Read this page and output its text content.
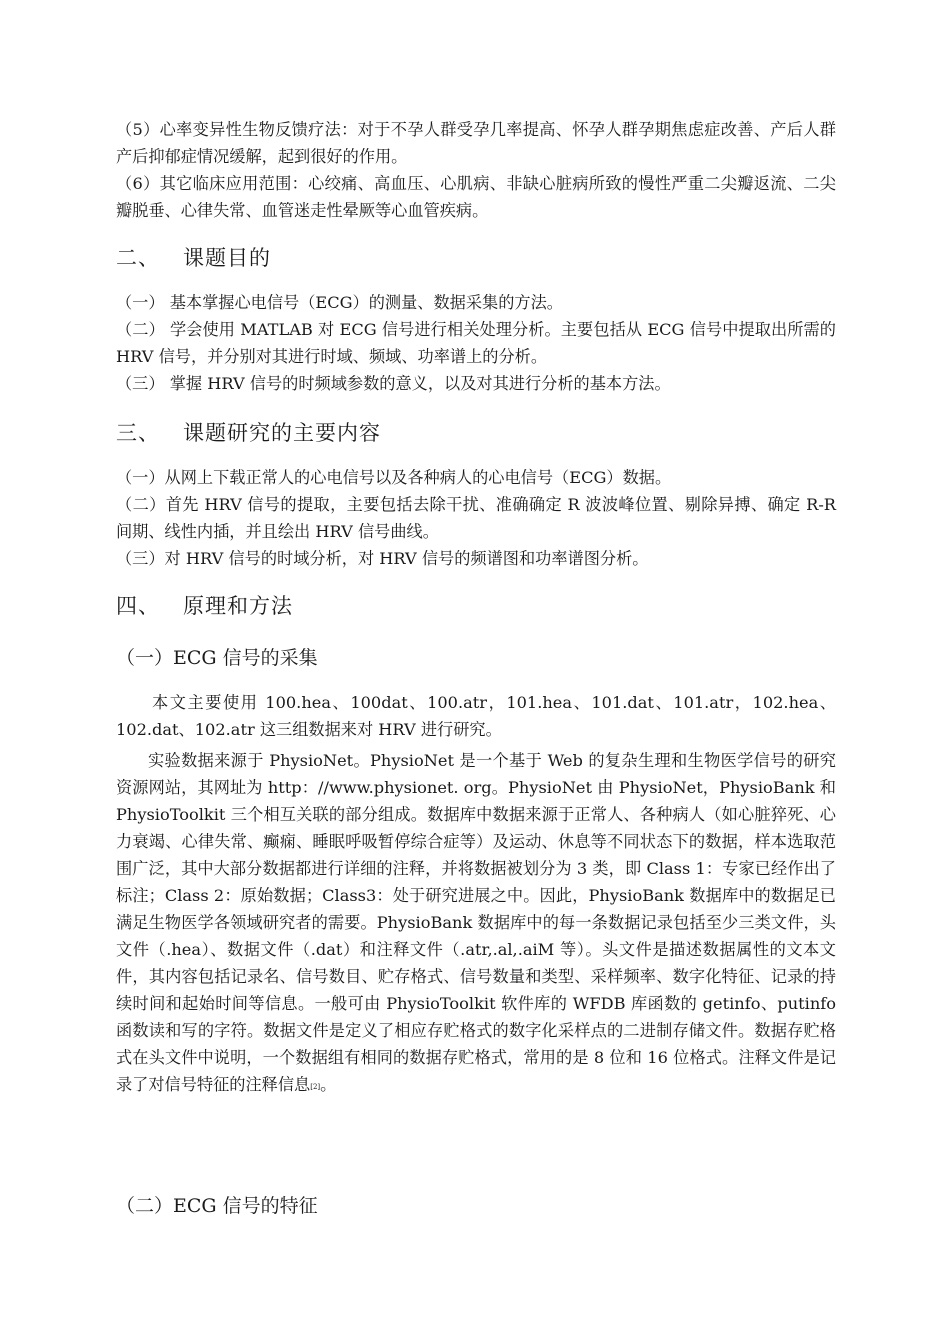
（5）心率变异性生物反馈疗法：对于不孕人群受孕几率提高、怀孕人群孕期焦虑症改善、产后人群产后抑郁症情况缓解，起到很好的作用。

（6）其它临床应用范围：心绞痛、高血压、心肌病、非缺心脏病所致的慢性严重二尖瓣返流、二尖瓣脱垂、心律失常、血管迷走性晕厥等心血管疾病。

二、   课题目的

（一） 基本掌握心电信号（ECG）的测量、数据采集的方法。

（二） 学会使用 MATLAB 对 ECG 信号进行相关处理分析。主要包括从 ECG 信号中提取出所需的 HRV 信号，并分别对其进行时域、频域、功率谱上的分析。

（三） 掌握 HRV 信号的时频域参数的意义，以及对其进行分析的基本方法。

三、   课题研究的主要内容

（一）从网上下载正常人的心电信号以及各种病人的心电信号（ECG）数据。

（二）首先 HRV 信号的提取，主要包括去除干扰、准确确定 R 波波峰位置、剔除异搏、确定 R-R 间期、线性内插，并且绘出 HRV 信号曲线。

（三）对 HRV 信号的时域分析，对 HRV 信号的频谱图和功率谱图分析。

四、   原理和方法
（一）ECG 信号的采集

本文主要使用 100.hea、100dat、100.atr，101.hea、101.dat、101.atr，102.hea、102.dat、102.atr 这三组数据来对 HRV 进行研究。

实验数据来源于 PhysioNet。PhysioNet 是一个基于 Web 的复杂生理和生物医学信号的研究资源网站，其网址为 http：//www.physionet. org。PhysioNet 由 PhysioNet，PhysioBank 和 PhysioToolkit 三个相互关联的部分组成。数据库中数据来源于正常人、各种病人（如心脏猝死、心力衰竭、心律失常、癫痫、睡眠呼吸暂停综合症等）及运动、休息等不同状态下的数据，样本选取范围广泛，其中大部分数据都进行详细的注释，并将数据被划分为 3 类，即 Class 1：专家已经作出了标注；Class 2：原始数据；Class3：处于研究进展之中。因此，PhysioBank 数据库中的数据足已满足生物医学各领域研究者的需要。PhysioBank 数据库中的每一条数据记录包括至少三类文件，头文件（.hea）、数据文件（.dat）和注释文件（.atr,.al,.aiM 等）。头文件是描述数据属性的文本文件，其内容包括记录名、信号数目、贮存格式、信号数量和类型、采样频率、数字化特征、记录的持续时间和起始时间等信息。一般可由 PhysioToolkit 软件库的 WFDB 库函数的 getinfo、putinfo 函数读和写的字符。数据文件是定义了相应存贮格式的数字化采样点的二进制存储文件。数据存贮格式在头文件中说明，一个数据组有相同的数据存贮格式，常用的是 8 位和 16 位格式。注释文件是记录了对信号特征的注释信息[2]。

（二）ECG 信号的特征
